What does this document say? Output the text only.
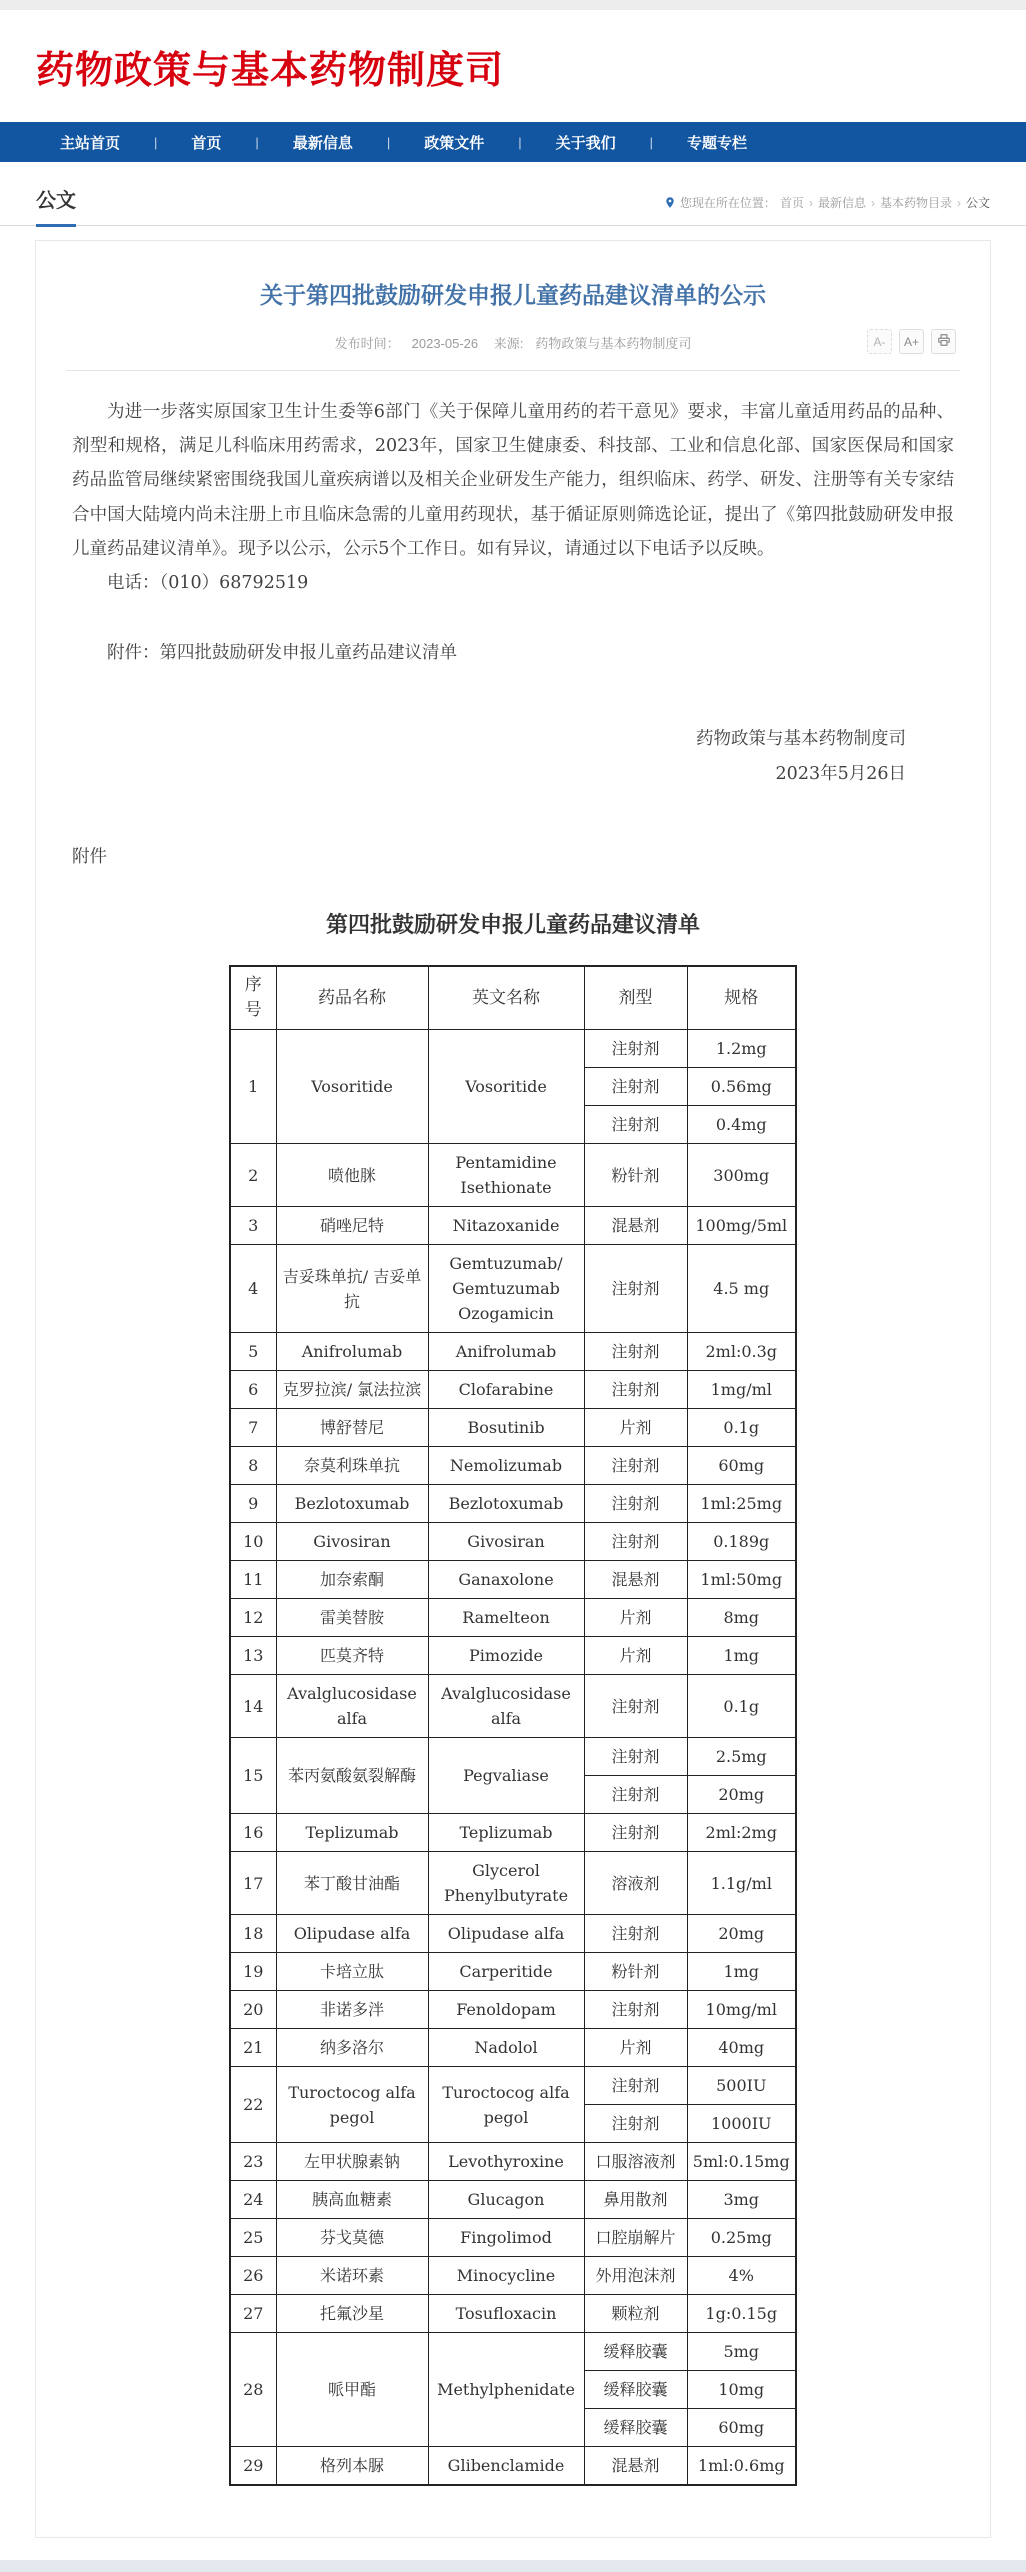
药物政策与基本药物制度司
主站首页	|	首页	|	最新信息	|	政策文件	|	关于我们	|	专题专栏
公文	您现在所在位置： 首页 › 最新信息 › 基本药物目录 › 公文
关于第四批鼓励研发申报儿童药品建议清单的公示
发布时间： 2023-05-26 来源: 药物政策与基本药物制度司	A-	A+

为进一步落实原国家卫生计生委等6部门《关于保障儿童用药的若干意见》要求，丰富儿童适用药品的品种、剂型和规格，满足儿科临床用药需求，2023年，国家卫生健康委、科技部、工业和信息化部、国家医保局和国家药品监管局继续紧密围绕我国儿童疾病谱以及相关企业研发生产能力，组织临床、药学、研发、注册等有关专家结合中国大陆境内尚未注册上市且临床急需的儿童用药现状，基于循证原则筛选论证，提出了《第四批鼓励研发申报儿童药品建议清单》。现予以公示，公示5个工作日。如有异议，请通过以下电话予以反映。

电话：（010）68792519

附件：第四批鼓励研发申报儿童药品建议清单

药物政策与基本药物制度司
2023年5月26日

附件

第四批鼓励研发申报儿童药品建议清单
序号	药品名称	英文名称	剂型	规格
1	Vosoritide	Vosoritide	注射剂	1.2mg
			注射剂	0.56mg
			注射剂	0.4mg
2	喷他脒	Pentamidine Isethionate	粉针剂	300mg
3	硝唑尼特	Nitazoxanide	混悬剂	100mg/5ml
4	吉妥珠单抗/ 吉妥单抗	Gemtuzumab/ Gemtuzumab Ozogamicin	注射剂	4.5 mg
5	Anifrolumab	Anifrolumab	注射剂	2ml:0.3g
6	克罗拉滨/ 氯法拉滨	Clofarabine	注射剂	1mg/ml
7	博舒替尼	Bosutinib	片剂	0.1g
8	奈莫利珠单抗	Nemolizumab	注射剂	60mg
9	Bezlotoxumab	Bezlotoxumab	注射剂	1ml:25mg
10	Givosiran	Givosiran	注射剂	0.189g
11	加奈索酮	Ganaxolone	混悬剂	1ml:50mg
12	雷美替胺	Ramelteon	片剂	8mg
13	匹莫齐特	Pimozide	片剂	1mg
14	Avalglucosidase alfa	Avalglucosidase alfa	注射剂	0.1g
15	苯丙氨酸氨裂解酶	Pegvaliase	注射剂	2.5mg
			注射剂	20mg
16	Teplizumab	Teplizumab	注射剂	2ml:2mg
17	苯丁酸甘油酯	Glycerol Phenylbutyrate	溶液剂	1.1g/ml
18	Olipudase alfa	Olipudase alfa	注射剂	20mg
19	卡培立肽	Carperitide	粉针剂	1mg
20	非诺多泮	Fenoldopam	注射剂	10mg/ml
21	纳多洛尔	Nadolol	片剂	40mg
22	Turoctocog alfa pegol	Turoctocog alfa pegol	注射剂	500IU
			注射剂	1000IU
23	左甲状腺素钠	Levothyroxine	口服溶液剂	5ml:0.15mg
24	胰高血糖素	Glucagon	鼻用散剂	3mg
25	芬戈莫德	Fingolimod	口腔崩解片	0.25mg
26	米诺环素	Minocycline	外用泡沫剂	4%
27	托氟沙星	Tosufloxacin	颗粒剂	1g:0.15g
28	哌甲酯	Methylphenidate	缓释胶囊	5mg
			缓释胶囊	10mg
			缓释胶囊	60mg
29	格列本脲	Glibenclamide	混悬剂	1ml:0.6mg
